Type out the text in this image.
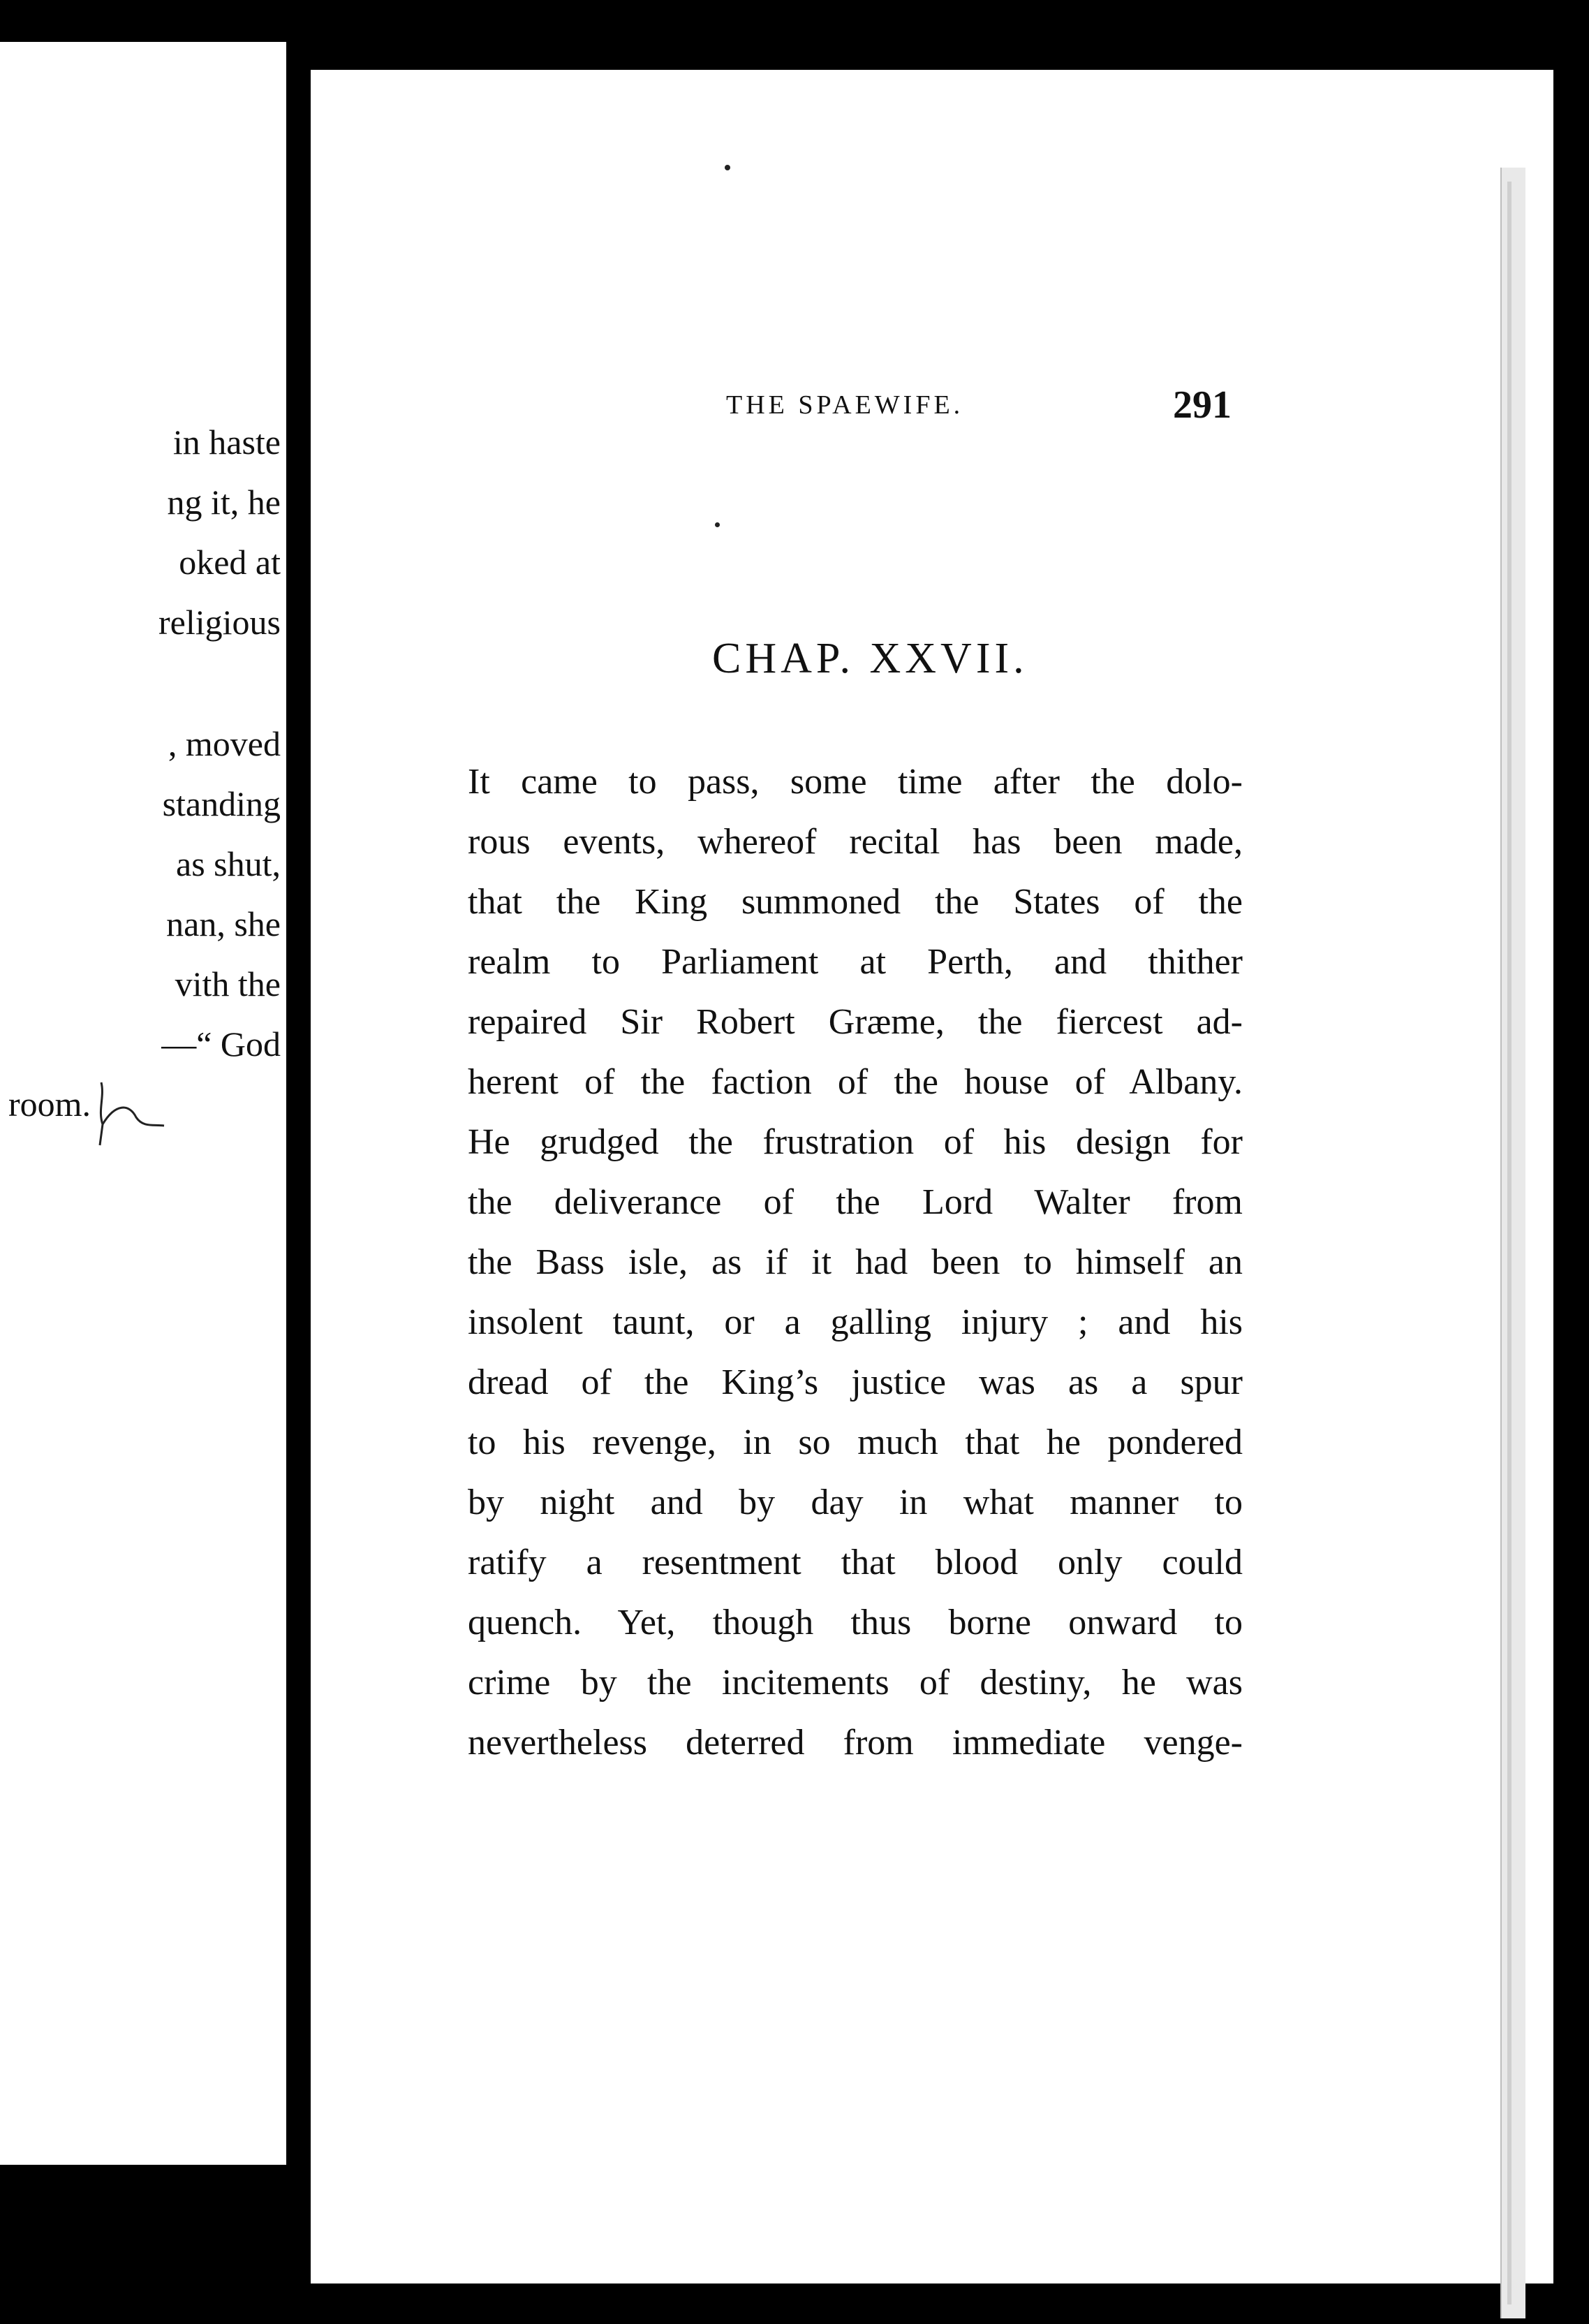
in haste
ng it, he
oked at
religious
, moved
standing
as shut,
nan, she
vith the
—“ God
room.
THE SPAEWIFE.	291
CHAP. XXVII.
It came to pass, some time after the dolo-
rous events, whereof recital has been made,
that the King summoned the States of the
realm to Parliament at Perth, and thither
repaired Sir Robert Græme, the fiercest ad-
herent of the faction of the house of Albany.
He grudged the frustration of his design for
the deliverance of the Lord Walter from
the Bass isle, as if it had been to himself an
insolent taunt, or a galling injury ; and his
dread of the King’s justice was as a spur
to his revenge, in so much that he pondered
by night and by day in what manner to
ratify a resentment that blood only could
quench. Yet, though thus borne onward to
crime by the incitements of destiny, he was
nevertheless deterred from immediate venge-
